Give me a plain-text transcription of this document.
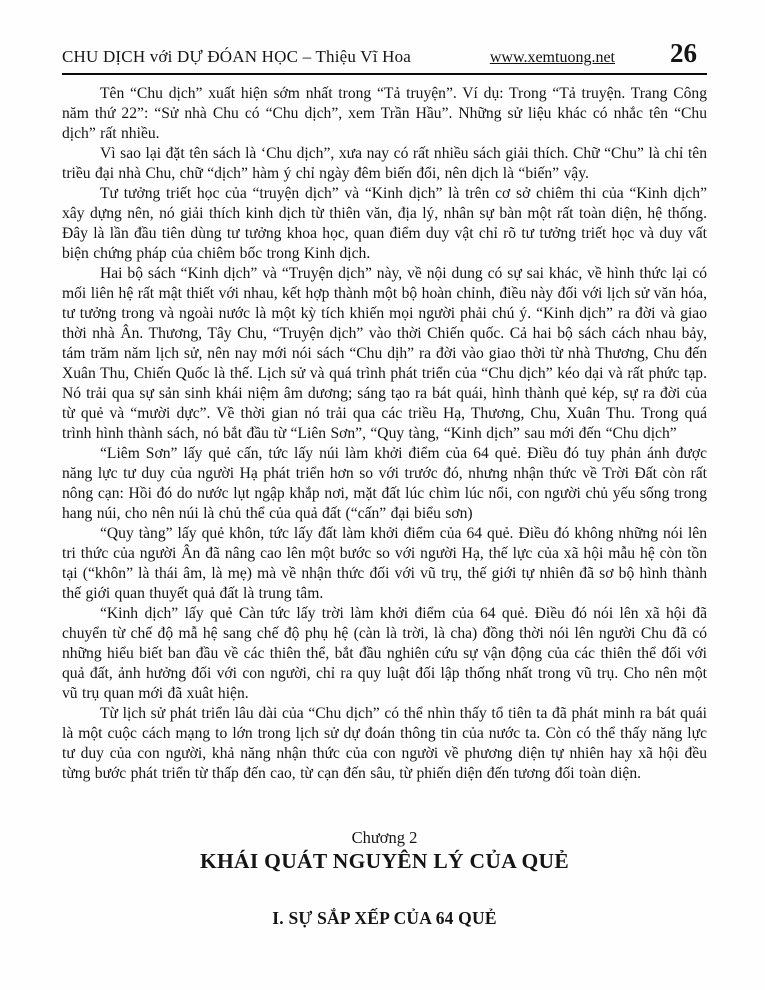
CHU DỊCH với DỰ ĐÓAN HỌC – Thiệu Vĩ Hoa	www.xemtuong.net 26

Tên “Chu dịch” xuất hiện sớm nhất trong “Tả truyện”. Ví dụ: Trong “Tả truyện. Trang Công năm thứ 22”: “Sử nhà Chu có “Chu dịch”, xem Trần Hầu”. Những sử liệu khác có nhắc tên “Chu dịch” rất nhiều.

Vì sao lại đặt tên sách là ‘Chu dịch”, xưa nay có rất nhiều sách giải thích. Chữ “Chu” là chỉ tên triều đại nhà Chu, chữ “dịch” hàm ý chỉ ngày đêm biến đổi, nên dịch là “biến” vậy.

Tư tưởng triết học của “truyện dịch” và “Kinh dịch” là trên cơ sở chiêm thi của “Kinh dịch” xây dựng nên, nó giải thích kinh dịch từ thiên văn, địa lý, nhân sự bàn một rất toàn diện, hệ thống. Đây là lần đầu tiên dùng tư tưởng khoa học, quan điểm duy vật chỉ rõ tư tưởng triết học và duy vất biện chứng pháp của chiêm bốc trong Kinh dịch.

Hai bộ sách “Kinh dịch” và “Truyện dịch” này, về nội dung có sự sai khác, về hình thức lại có mối liên hệ rất mật thiết với nhau, kết hợp thành một bộ hoàn chỉnh, điều này đối với lịch sử văn hóa, tư tưởng trong và ngoài nước là một kỳ tích khiến mọi người phải chú ý. “Kinh dịch” ra đời và giao thời nhà Ân. Thương, Tây Chu, “Truyện dịch” vào thời Chiến quốc. Cả hai bộ sách cách nhau bảy, tám trăm năm lịch sử, nên nay mới nói sách “Chu dịh” ra đời vào giao thời từ nhà Thương, Chu đến Xuân Thu, Chiến Quốc là thế. Lịch sử và quá trình phát triển của “Chu dịch” kéo dại và rất phức tạp. Nó trải qua sự sản sinh khái niệm âm dương; sáng tạo ra bát quái, hình thành quẻ kép, sự ra đời của từ quẻ và “mười dực”. Về thời gian nó trải qua các triều Hạ, Thương, Chu, Xuân Thu. Trong quá trình hình thành sách, nó bắt đầu từ “Liên Sơn”, “Quy tàng, “Kinh dịch” sau mới đến “Chu dịch”

“Liêm Sơn” lấy quẻ cấn, tức lấy núi làm khởi điểm của 64 quẻ. Điều đó tuy phản ánh được năng lực tư duy của người Hạ phát triển hơn so với trước đó, nhưng nhận thức về Trời Đất còn rất nông cạn: Hồi đó do nước lụt ngập khắp nơi, mặt đất lúc chìm lúc nổi, con người chủ yếu sống trong hang núi, cho nên núi là chủ thể của quả đất (“cấn” đại biểu sơn)

“Quy tàng” lấy quẻ khôn, tức lấy đất làm khởi điểm của 64 quẻ. Điều đó không những nói lên tri thức của người Ân đã nâng cao lên một bước so với người Hạ, thế lực của xã hội mẫu hệ còn tồn tại (“khôn” là thái âm, là mẹ) mà về nhận thức đối với vũ trụ, thế giới tự nhiên đã sơ bộ hình thành thế giới quan thuyết quả đất là trung tâm.

“Kinh dịch” lấy quẻ Càn tức lấy trời làm khởi điểm của 64 quẻ. Điều đó nói lên xã hội đã chuyển từ chế độ mẫ hệ sang chế độ phụ hệ (càn là trời, là cha) đồng thời nói lên người Chu đã có những hiểu biết ban đầu về các thiên thể, bắt đầu nghiên cứu sự vận động của các thiên thể đối với quả đất, ảnh hưởng đối với con người, chỉ ra quy luật đối lập thống nhất trong vũ trụ. Cho nên một vũ trụ quan mới đã xuât hiện.

Từ lịch sử phát triển lâu dài của “Chu dịch” có thể nhìn thấy tổ tiên ta đã phát minh ra bát quái là một cuộc cách mạng to lớn trong lịch sử dự đoán thông tin của nước ta. Còn có thể thấy năng lực tư duy của con người, khả năng nhận thức của con người về phương diện tự nhiên hay xã hội đều từng bước phát triển từ thấp đến cao, từ cạn đến sâu, từ phiến diện đến tương đối toàn diện.

Chương 2

KHÁI QUÁT NGUYÊN LÝ CỦA QUẺ
I. SỰ SẮP XẾP CỦA 64 QUẺ
